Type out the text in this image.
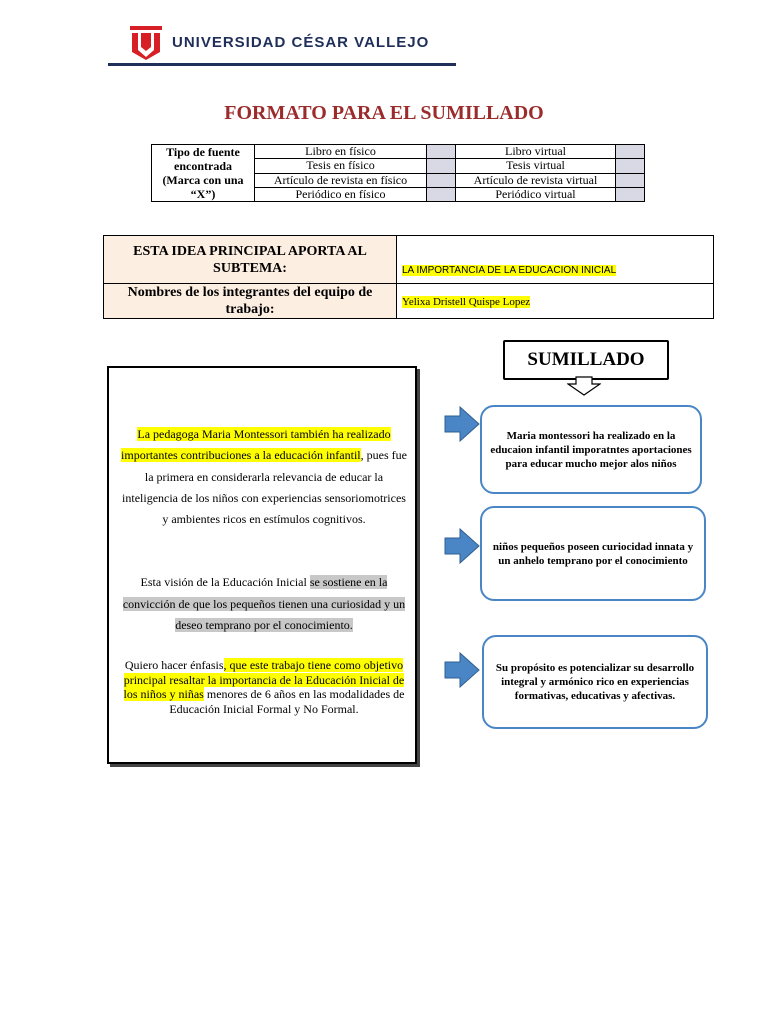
UNIVERSIDAD CÉSAR VALLEJO
FORMATO PARA EL SUMILLADO
Tipo de fuente encontrada (Marca con una “X”)	Libro en físico		Libro virtual	
	Tesis en físico		Tesis virtual	
	Artículo de revista en físico		Artículo de revista virtual	
	Periódico en físico		Periódico virtual	
ESTA IDEA PRINCIPAL APORTA AL SUBTEMA:	LA IMPORTANCIA DE LA EDUCACION INICIAL
Nombres de los integrantes del equipo de trabajo:	Yelixa Dristell Quispe Lopez
SUMILLADO
La pedagoga Maria Montessori también ha realizado importantes contribuciones a la educación infantil, pues fue la primera en considerarla relevancia de educar la inteligencia de los niños con experiencias sensoriomotrices y ambientes ricos en estímulos cognitivos.
Esta visión de la Educación Inicial se sostiene en la convicción de que los pequeños tienen una curiosidad y un deseo temprano por el conocimiento.
Quiero hacer énfasis, que este trabajo tiene como objetivo principal resaltar la importancia de la Educación Inicial de los niños y niñas menores de 6 años en las modalidades de Educación Inicial Formal y No Formal.
Maria montessori ha realizado en la educaion infantil imporatntes aportaciones para educar mucho mejor alos niños
niños pequeños poseen curiocidad innata y un anhelo temprano por el conocimiento
Su propósito es potencializar su desarrollo integral y armónico rico en experiencias formativas, educativas y afectivas.
